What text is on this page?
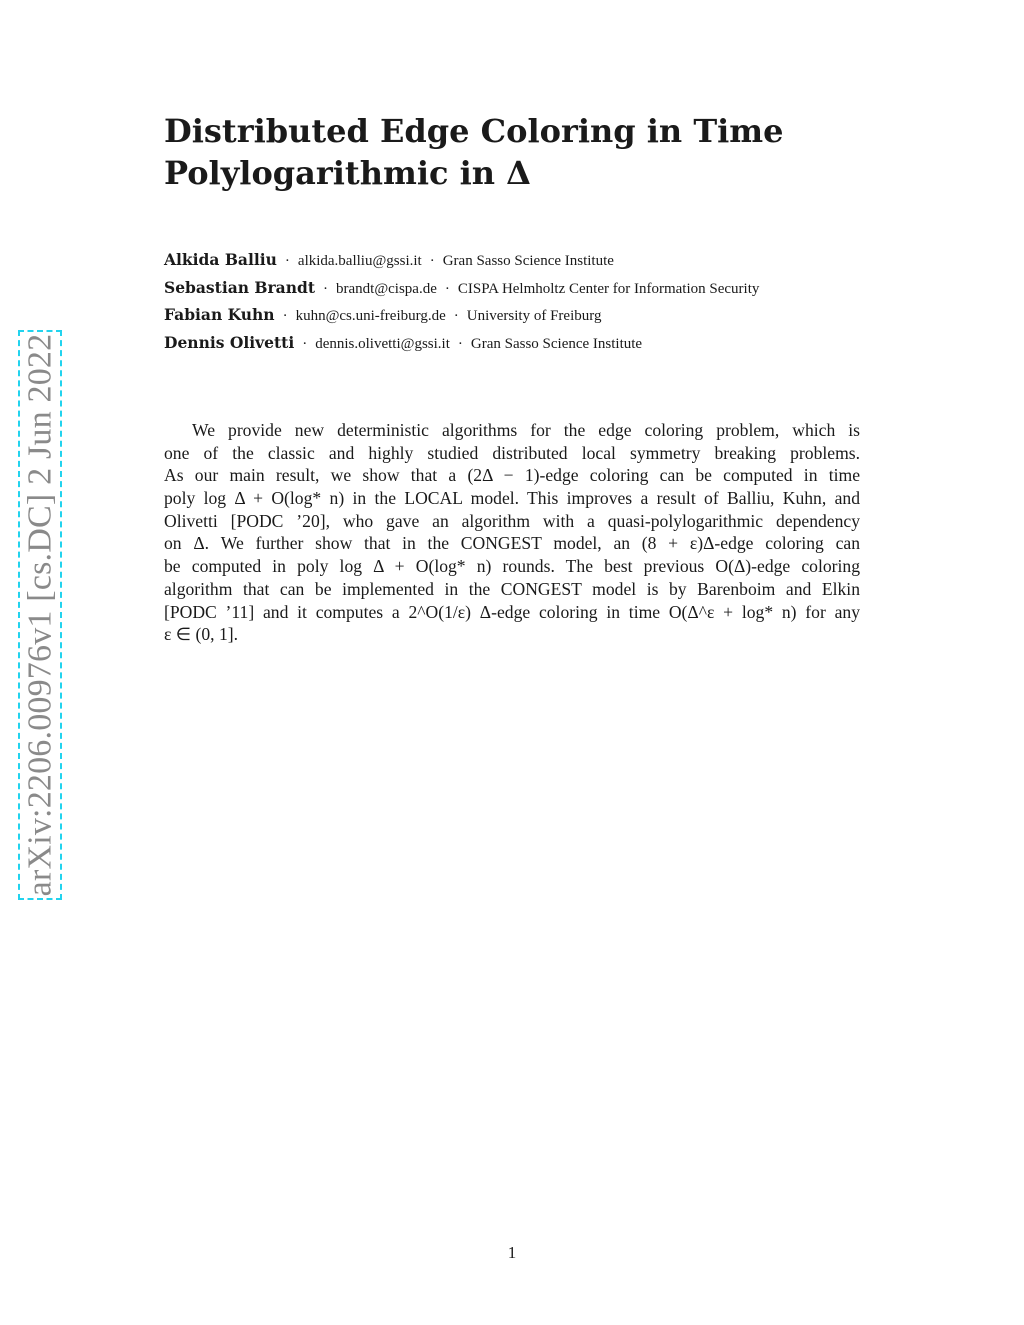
arXiv:2206.00976v1 [cs.DC] 2 Jun 2022
Distributed Edge Coloring in Time
Polylogarithmic in Δ
Alkida Balliu · alkida.balliu@gssi.it · Gran Sasso Science Institute
Sebastian Brandt · brandt@cispa.de · CISPA Helmholtz Center for Information Security
Fabian Kuhn · kuhn@cs.uni-freiburg.de · University of Freiburg
Dennis Olivetti · dennis.olivetti@gssi.it · Gran Sasso Science Institute
We provide new deterministic algorithms for the edge coloring problem, which is
one of the classic and highly studied distributed local symmetry breaking problems.
As our main result, we show that a (2Δ − 1)-edge coloring can be computed in time
poly log Δ + O(log* n) in the LOCAL model. This improves a result of Balliu, Kuhn, and
Olivetti [PODC ’20], who gave an algorithm with a quasi-polylogarithmic dependency
on Δ. We further show that in the CONGEST model, an (8 + ε)Δ-edge coloring can
be computed in poly log Δ + O(log* n) rounds. The best previous O(Δ)-edge coloring
algorithm that can be implemented in the CONGEST model is by Barenboim and Elkin
[PODC ’11] and it computes a 2^O(1/ε) Δ-edge coloring in time O(Δ^ε + log* n) for any
ε ∈ (0, 1].
1
